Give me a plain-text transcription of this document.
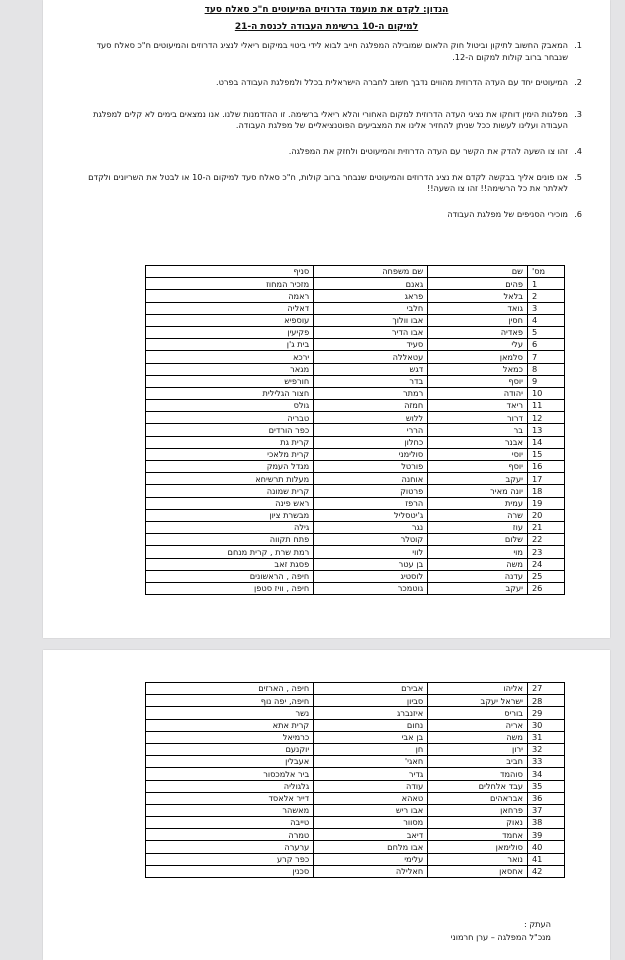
הנדון: לקדם את מועמד הדרוזים המיעוטים ח"כ סאלח סעד
למיקום ה-10 ברשימת העבודה לכנסת ה-21
1.
המאבק החשוב לתיקון וביטול חוק הלאום שמובילה המפלגה חייב לבוא לידי ביטוי במיקום ריאלי לנציג הדרוזים והמיעוטים ח"כ סאלח סעד שנבחר ברוב קולות למקום ה-12.
2.
המיעוטים יחד עם העדה הדרוזית מהווים נדבך חשוב לחברה הישראלית בכלל ולמפלגת העבודה בפרט.
3.
מפלגות הימין דוחקו את נציגי העדה הדרוזית למקום האחורי והלא ריאלי ברשימה. זו ההזדמנות שלנו. אנו נמצאים בימים לא קלים למפלגת העבודה ועלינו לעשות ככל שניתן להחזיר אלינו את המצביעים הפוטנציאליים של מפלגת העבודה.
4.
זהו צו השעה להדק את הקשר עם העדה הדרוזית והמיעוטים ולחזק את המפלגה.
5.
אנו פונים אליך בבקשה לקדם את נציג הדרוזים והמיעוטים שנבחר ברוב קולות, ח"כ סאלח סעד למיקום ה-10 או לבטל את השריונים ולקדם לאלתר את כל הרשימה!! זהו צו השעה!!
6.
מוכירי הסניפים של מפלגת העבודה
מס'	שם	שם משפחה	סניף
1	פהים	גאנם	מזכיר המחוז
2	בלאל	פראג	ראמה
3	גואד	חלבי	דאליה
4	חסין	אבו וולוך	עוספיא
5	פאדיה	אבו הדיר	פקיעין
6	עלי	סעיד	בית ג'ן
7	סלמאן	עטאללה	ירכא
8	כמאל	דגש	מגאר
9	יוסף	בדר	חורפיש
10	יהודה	רמתר	חצור הגלילית
11	ריאד	חמזה	גולס
12	דרור	ללוש	טבריה
13	בר	הררי	כפר הורדים
14	אבנר	כחלון	קרית גת
15	יוסי	סולימני	קרית מלאכי
16	יוסף	פורטל	מגדל העמק
17	יעקב	אוחנה	מעלות תרשיחא
18	יונה מאיר	פרטוק	קרית שמונה
19	עמית	הרפז	ראש פינה
20	שרה	ג'יטסליל	מבשרת ציון
21	עוז	נגר	גילה
22	שלום	קוטלר	פתח תקווה
23	מוי	לווי	רמת שרת , קרית מנחם
24	משה	בן עטר	פסגת זאב
25	עדנה	לוסטיג	חיפה , הראשונים
26	יעקב	גוטמכר	חיפה , וויז סטפן
27	אליהו	אבירם	חיפה , הארזים
28	ישראל יעקב	סביון	חיפה, יפה נוף
29	בוריס	איזנברג	נשר
30	אריה	נחום	קרית אתא
31	משה	בן אבי	כרמיאל
32	ירון	חן	יוקנעם
33	חביב	חאגי'	אעבלין
34	סוהמד	גדיר	ביר אלמכסור
35	עבד אלחלים	עודה	גלגוליה
36	אבראהים	טאהא	דייר אלאסד
37	פרחאן	אבו ריש	מאשהר
38	נאוק	מסוור	טייבה
39	אחמד	דיאב	טמרה
40	סולימאן	אבו מלחם	ערערה
41	נואר	עלימי	כפר קרע
42	אחסאן	חאלילה	סכנין
העתק :
מנכ"ל המפלגה – ערן חרמוני
